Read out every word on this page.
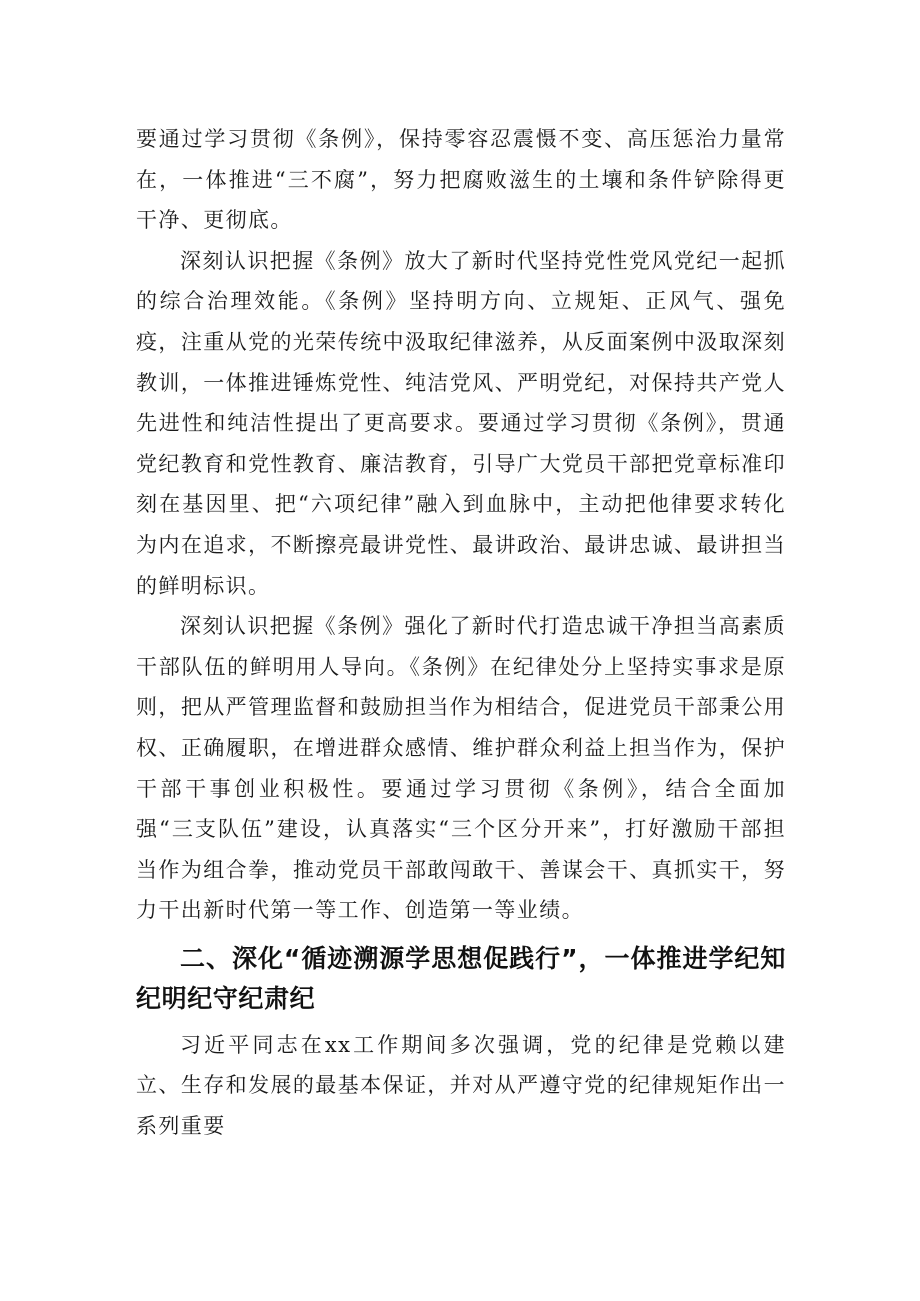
要通过学习贯彻《条例》，保持零容忍震慑不变、高压惩治力量常在，一体推进“三不腐”，努力把腐败滋生的土壤和条件铲除得更干净、更彻底。

深刻认识把握《条例》放大了新时代坚持党性党风党纪一起抓的综合治理效能。《条例》坚持明方向、立规矩、正风气、强免疫，注重从党的光荣传统中汲取纪律滋养，从反面案例中汲取深刻教训，一体推进锤炼党性、纯洁党风、严明党纪，对保持共产党人先进性和纯洁性提出了更高要求。要通过学习贯彻《条例》，贯通党纪教育和党性教育、廉洁教育，引导广大党员干部把党章标准印刻在基因里、把“六项纪律”融入到血脉中，主动把他律要求转化为内在追求，不断擦亮最讲党性、最讲政治、最讲忠诚、最讲担当的鲜明标识。

深刻认识把握《条例》强化了新时代打造忠诚干净担当高素质干部队伍的鲜明用人导向。《条例》在纪律处分上坚持实事求是原则，把从严管理监督和鼓励担当作为相结合，促进党员干部秉公用权、正确履职，在增进群众感情、维护群众利益上担当作为，保护干部干事创业积极性。要通过学习贯彻《条例》，结合全面加强“三支队伍”建设，认真落实“三个区分开来”，打好激励干部担当作为组合拳，推动党员干部敢闯敢干、善谋会干、真抓实干，努力干出新时代第一等工作、创造第一等业绩。

二、深化“循迹溯源学思想促践行”，一体推进学纪知纪明纪守纪肃纪

习近平同志在xx工作期间多次强调，党的纪律是党赖以建立、生存和发展的最基本保证，并对从严遵守党的纪律规矩作出一系列重要
